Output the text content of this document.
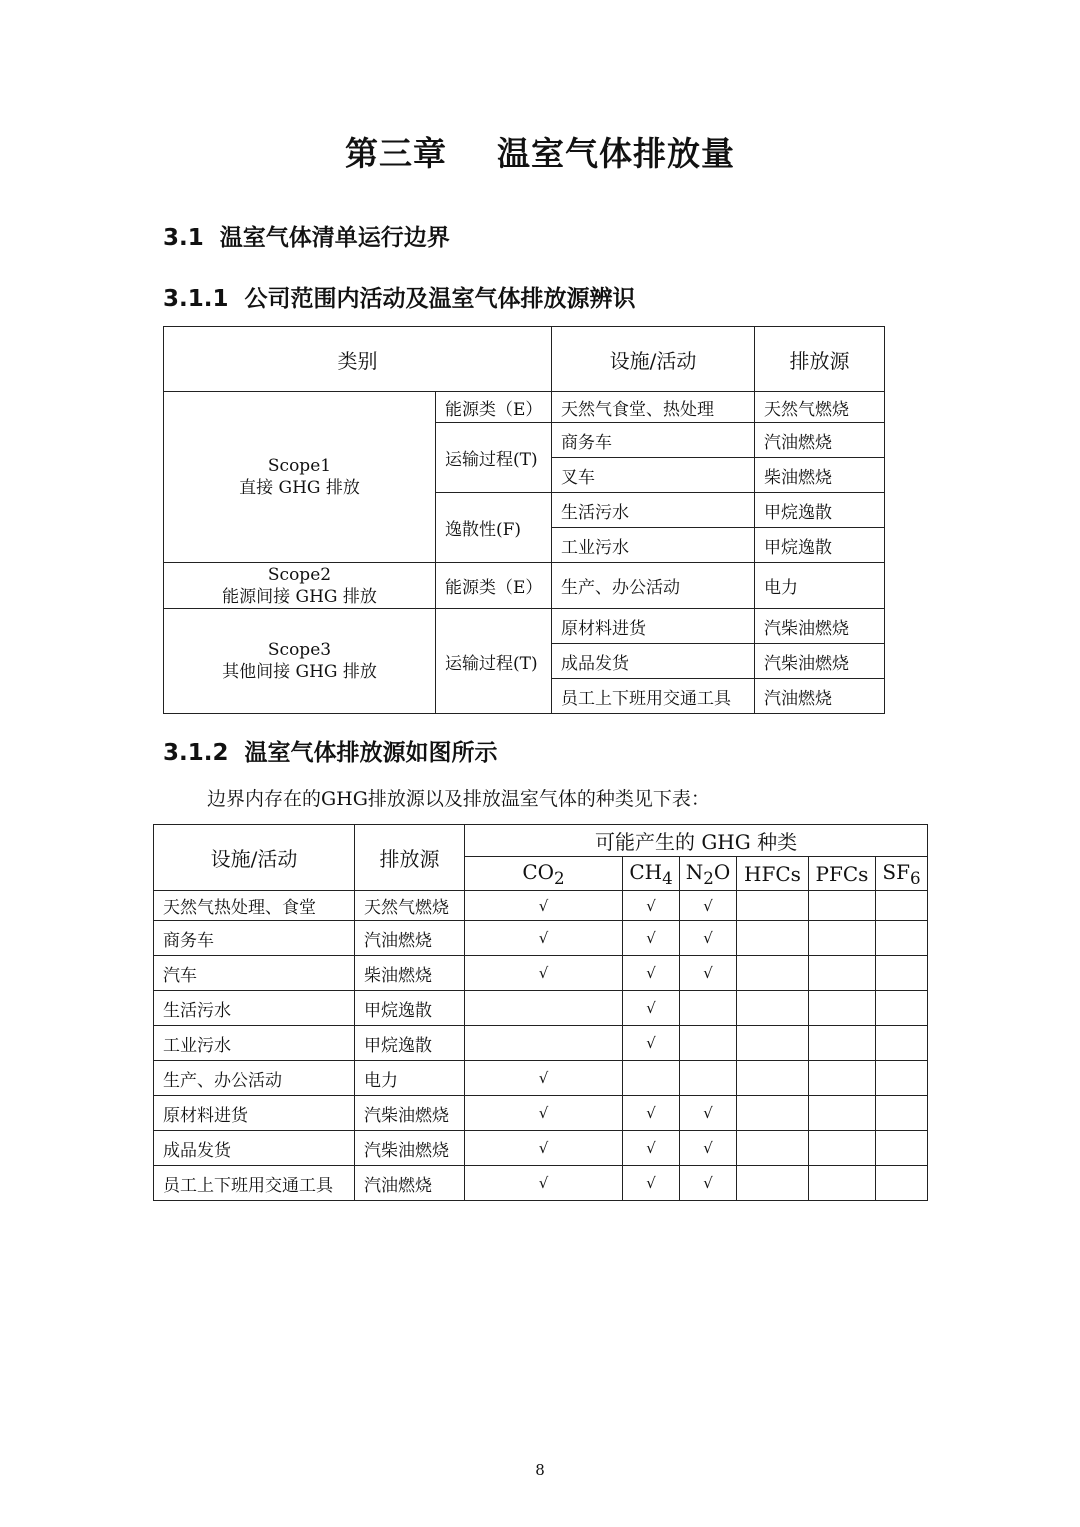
第三章    温室气体排放量
3.1 温室气体清单运行边界
3.1.1 公司范围内活动及温室气体排放源辨识
类别		设施/活动	排放源

Scope1
直接 GHG 排放	能源类（E）	天然气食堂、热处理	天然气燃烧
	运输过程(T)	商务车	汽油燃烧
		叉车	柴油燃烧
	逸散性(F)	生活污水	甲烷逸散
		工业污水	甲烷逸散

Scope2
能源间接 GHG 排放	能源类（E）	生产、办公活动	电力

Scope3
其他间接 GHG 排放	运输过程(T)	原材料进货	汽柴油燃烧
		成品发货	汽柴油燃烧
		员工上下班用交通工具	汽油燃烧
3.1.2 温室气体排放源如图所示
边界内存在的GHG排放源以及排放温室气体的种类见下表：
设施/活动	排放源	可能产生的 GHG 种类					
		$CO_2$	$CH_4$	$N_2O$	HFCs	PFCs	$SF_6$
天然气热处理、食堂	天然气燃烧	√	√	√			
商务车	汽油燃烧	√	√	√			
汽车	柴油燃烧	√	√	√			
生活污水	甲烷逸散		√				
工业污水	甲烷逸散		√				
生产、办公活动	电力	√					
原材料进货	汽柴油燃烧	√	√	√			
成品发货	汽柴油燃烧	√	√	√			
员工上下班用交通工具	汽油燃烧	√	√	√			
8
